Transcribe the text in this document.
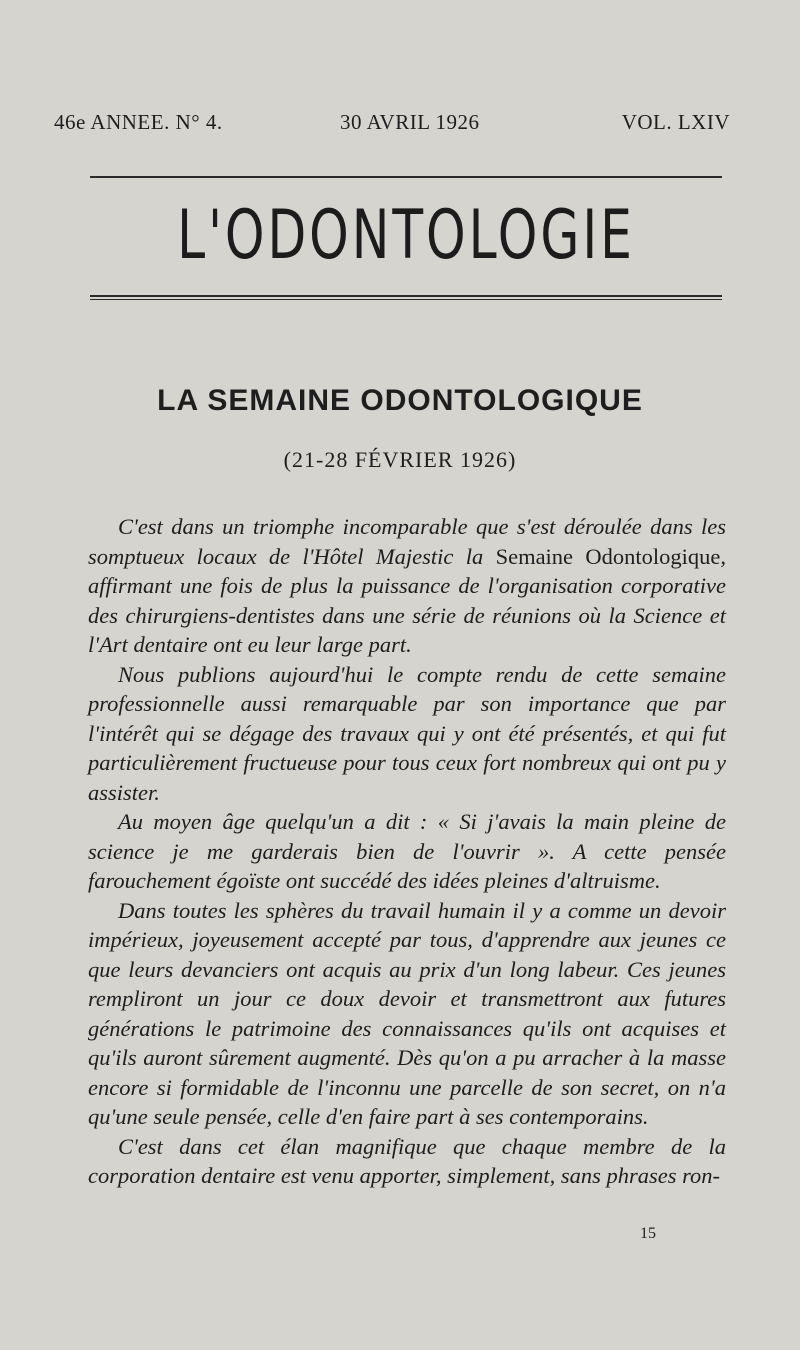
46e ANNEE. N° 4.	30 AVRIL 1926	VOL. LXIV
L'ODONTOLOGIE
LA SEMAINE ODONTOLOGIQUE
(21-28 FÉVRIER 1926)

C'est dans un triomphe incomparable que s'est déroulée dans les somptueux locaux de l'Hôtel Majestic la Semaine Odontologique, affirmant une fois de plus la puissance de l'organisation corporative des chirurgiens-dentistes dans une série de réunions où la Science et l'Art dentaire ont eu leur large part.

Nous publions aujourd'hui le compte rendu de cette semaine professionnelle aussi remarquable par son importance que par l'intérêt qui se dégage des travaux qui y ont été présentés, et qui fut particulièrement fructueuse pour tous ceux fort nombreux qui ont pu y assister.

Au moyen âge quelqu'un a dit : « Si j'avais la main pleine de science je me garderais bien de l'ouvrir ». A cette pensée farouchement égoïste ont succédé des idées pleines d'altruisme.

Dans toutes les sphères du travail humain il y a comme un devoir impérieux, joyeusement accepté par tous, d'apprendre aux jeunes ce que leurs devanciers ont acquis au prix d'un long labeur. Ces jeunes rempliront un jour ce doux devoir et transmettront aux futures générations le patrimoine des connaissances qu'ils ont acquises et qu'ils auront sûrement augmenté. Dès qu'on a pu arracher à la masse encore si formidable de l'inconnu une parcelle de son secret, on n'a qu'une seule pensée, celle d'en faire part à ses contemporains.

C'est dans cet élan magnifique que chaque membre de la corporation dentaire est venu apporter, simplement, sans phrases ron-

15
